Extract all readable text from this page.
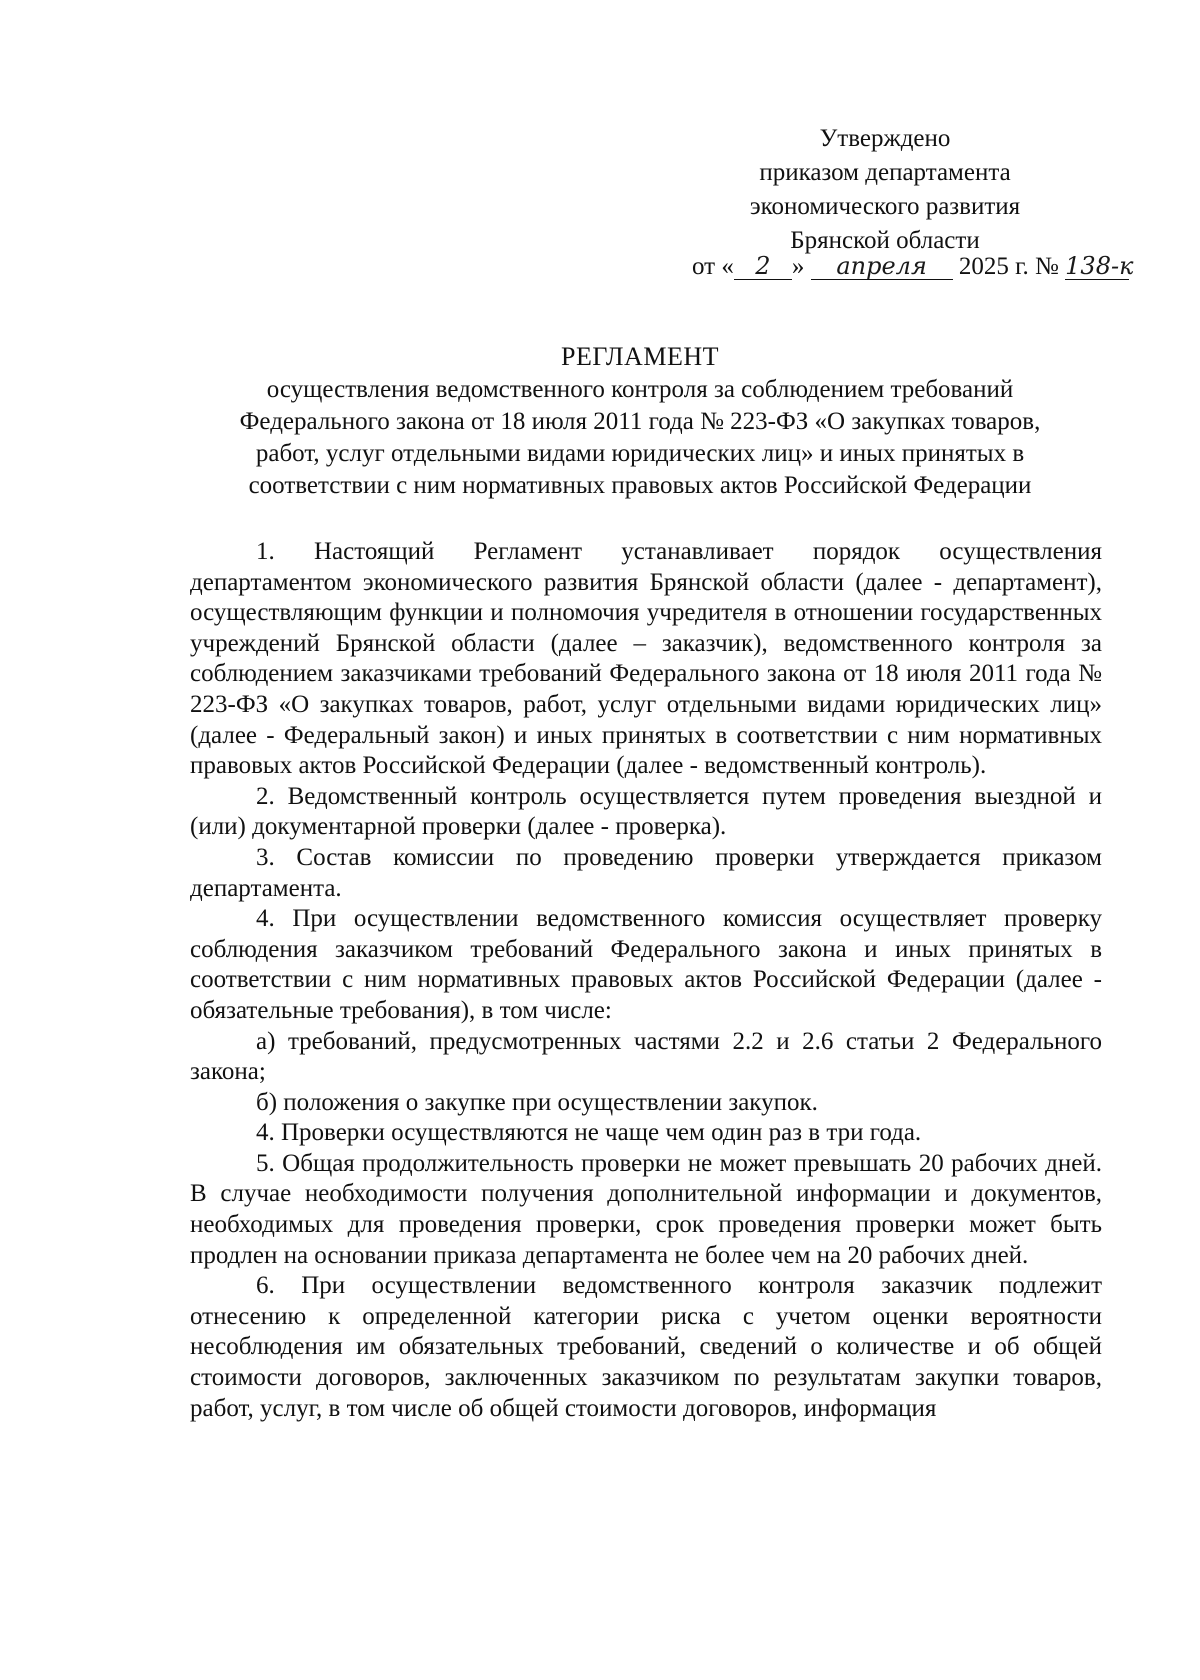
Утверждено
приказом департамента
экономического развития
Брянской области
от « 2 » апреля 2025 г. № 138-к
РЕГЛАМЕНТ

осуществления ведомственного контроля за соблюдением требований

Федерального закона от 18 июля 2011 года № 223-ФЗ «О закупках товаров,

работ, услуг отдельными видами юридических лиц» и иных принятых в

соответствии с ним нормативных правовых актов Российской Федерации

1. Настоящий Регламент устанавливает порядок осуществления департаментом экономического развития Брянской области (далее - департамент), осуществляющим функции и полномочия учредителя в отношении государственных учреждений Брянской области (далее – заказчик), ведомственного контроля за соблюдением заказчиками требований Федерального закона от 18 июля 2011 года № 223-ФЗ «О закупках товаров, работ, услуг отдельными видами юридических лиц» (далее - Федеральный закон) и иных принятых в соответствии с ним нормативных правовых актов Российской Федерации (далее - ведомственный контроль).

2. Ведомственный контроль осуществляется путем проведения выездной и (или) документарной проверки (далее - проверка).

3. Состав комиссии по проведению проверки утверждается приказом департамента.

4. При осуществлении ведомственного комиссия осуществляет проверку соблюдения заказчиком требований Федерального закона и иных принятых в соответствии с ним нормативных правовых актов Российской Федерации (далее - обязательные требования), в том числе:

а) требований, предусмотренных частями 2.2 и 2.6 статьи 2 Федерального закона;

б) положения о закупке при осуществлении закупок.

4. Проверки осуществляются не чаще чем один раз в три года.

5. Общая продолжительность проверки не может превышать 20 рабочих дней. В случае необходимости получения дополнительной информации и документов, необходимых для проведения проверки, срок проведения проверки может быть продлен на основании приказа департамента не более чем на 20 рабочих дней.

6. При осуществлении ведомственного контроля заказчик подлежит отнесению к определенной категории риска с учетом оценки вероятности несоблюдения им обязательных требований, сведений о количестве и об общей стоимости договоров, заключенных заказчиком по результатам закупки товаров, работ, услуг, в том числе об общей стоимости договоров, информация
